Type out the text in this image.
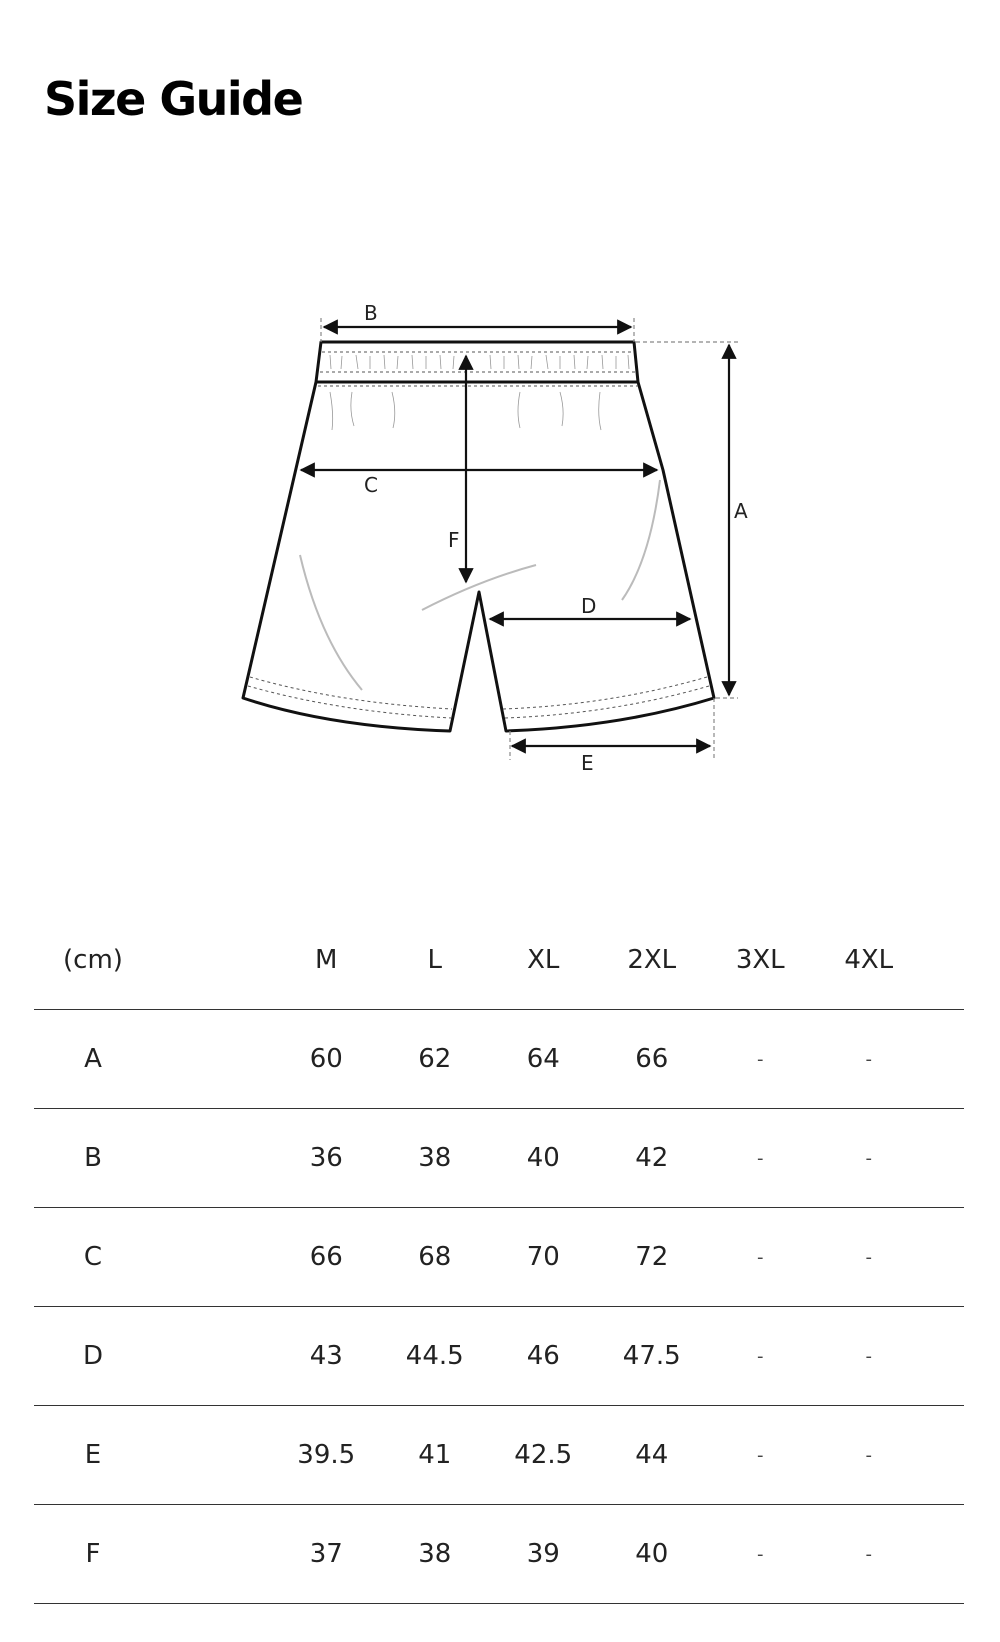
Size Guide
B
C
A
F
D
E
(cm)	M	L	XL	2XL	3XL	4XL
A	60	62	64	66	-	-
B	36	38	40	42	-	-
C	66	68	70	72	-	-
D	43	44.5	46	47.5	-	-
E	39.5	41	42.5	44	-	-
F	37	38	39	40	-	-
